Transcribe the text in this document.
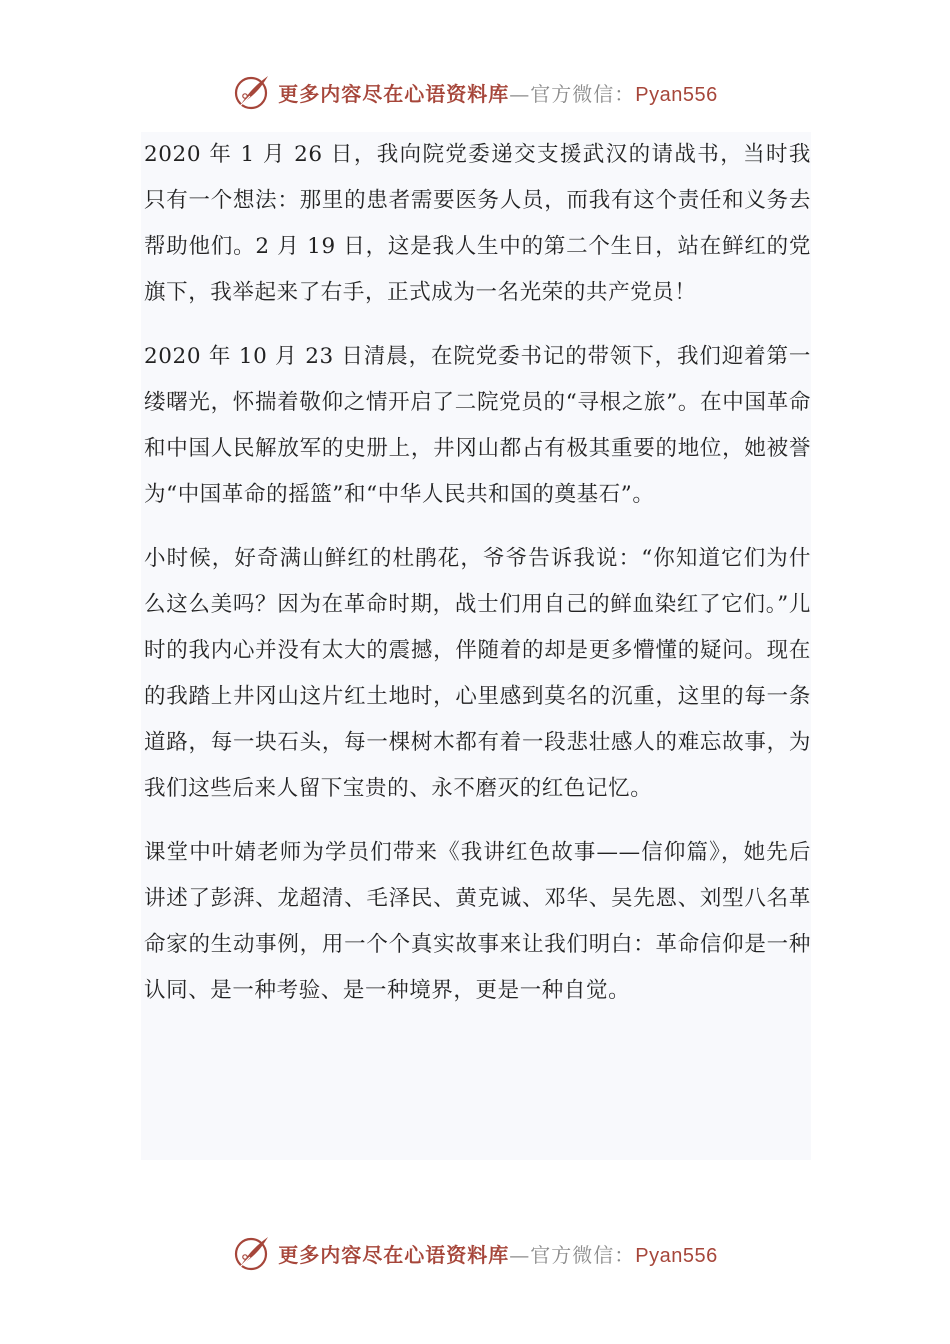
更多内容尽在心语资料库—官方微信：Pyan556

2020 年 1 月 26 日，我向院党委递交支援武汉的请战书，当时我只有一个想法：那里的患者需要医务人员，而我有这个责任和义务去帮助他们。2 月 19 日，这是我人生中的第二个生日，站在鲜红的党旗下，我举起来了右手，正式成为一名光荣的共产党员！

2020 年 10 月 23 日清晨，在院党委书记的带领下，我们迎着第一缕曙光，怀揣着敬仰之情开启了二院党员的“寻根之旅”。在中国革命和中国人民解放军的史册上，井冈山都占有极其重要的地位，她被誉为“中国革命的摇篮”和“中华人民共和国的奠基石”。

小时候，好奇满山鲜红的杜鹃花，爷爷告诉我说：“你知道它们为什么这么美吗？因为在革命时期，战士们用自己的鲜血染红了它们。”儿时的我内心并没有太大的震撼，伴随着的却是更多懵懂的疑问。现在的我踏上井冈山这片红土地时，心里感到莫名的沉重，这里的每一条道路，每一块石头，每一棵树木都有着一段悲壮感人的难忘故事，为我们这些后来人留下宝贵的、永不磨灭的红色记忆。

课堂中叶婧老师为学员们带来《我讲红色故事——信仰篇》，她先后讲述了彭湃、龙超清、毛泽民、黄克诚、邓华、吴先恩、刘型八名革命家的生动事例，用一个个真实故事来让我们明白：革命信仰是一种认同、是一种考验、是一种境界，更是一种自觉。

更多内容尽在心语资料库—官方微信：Pyan556
